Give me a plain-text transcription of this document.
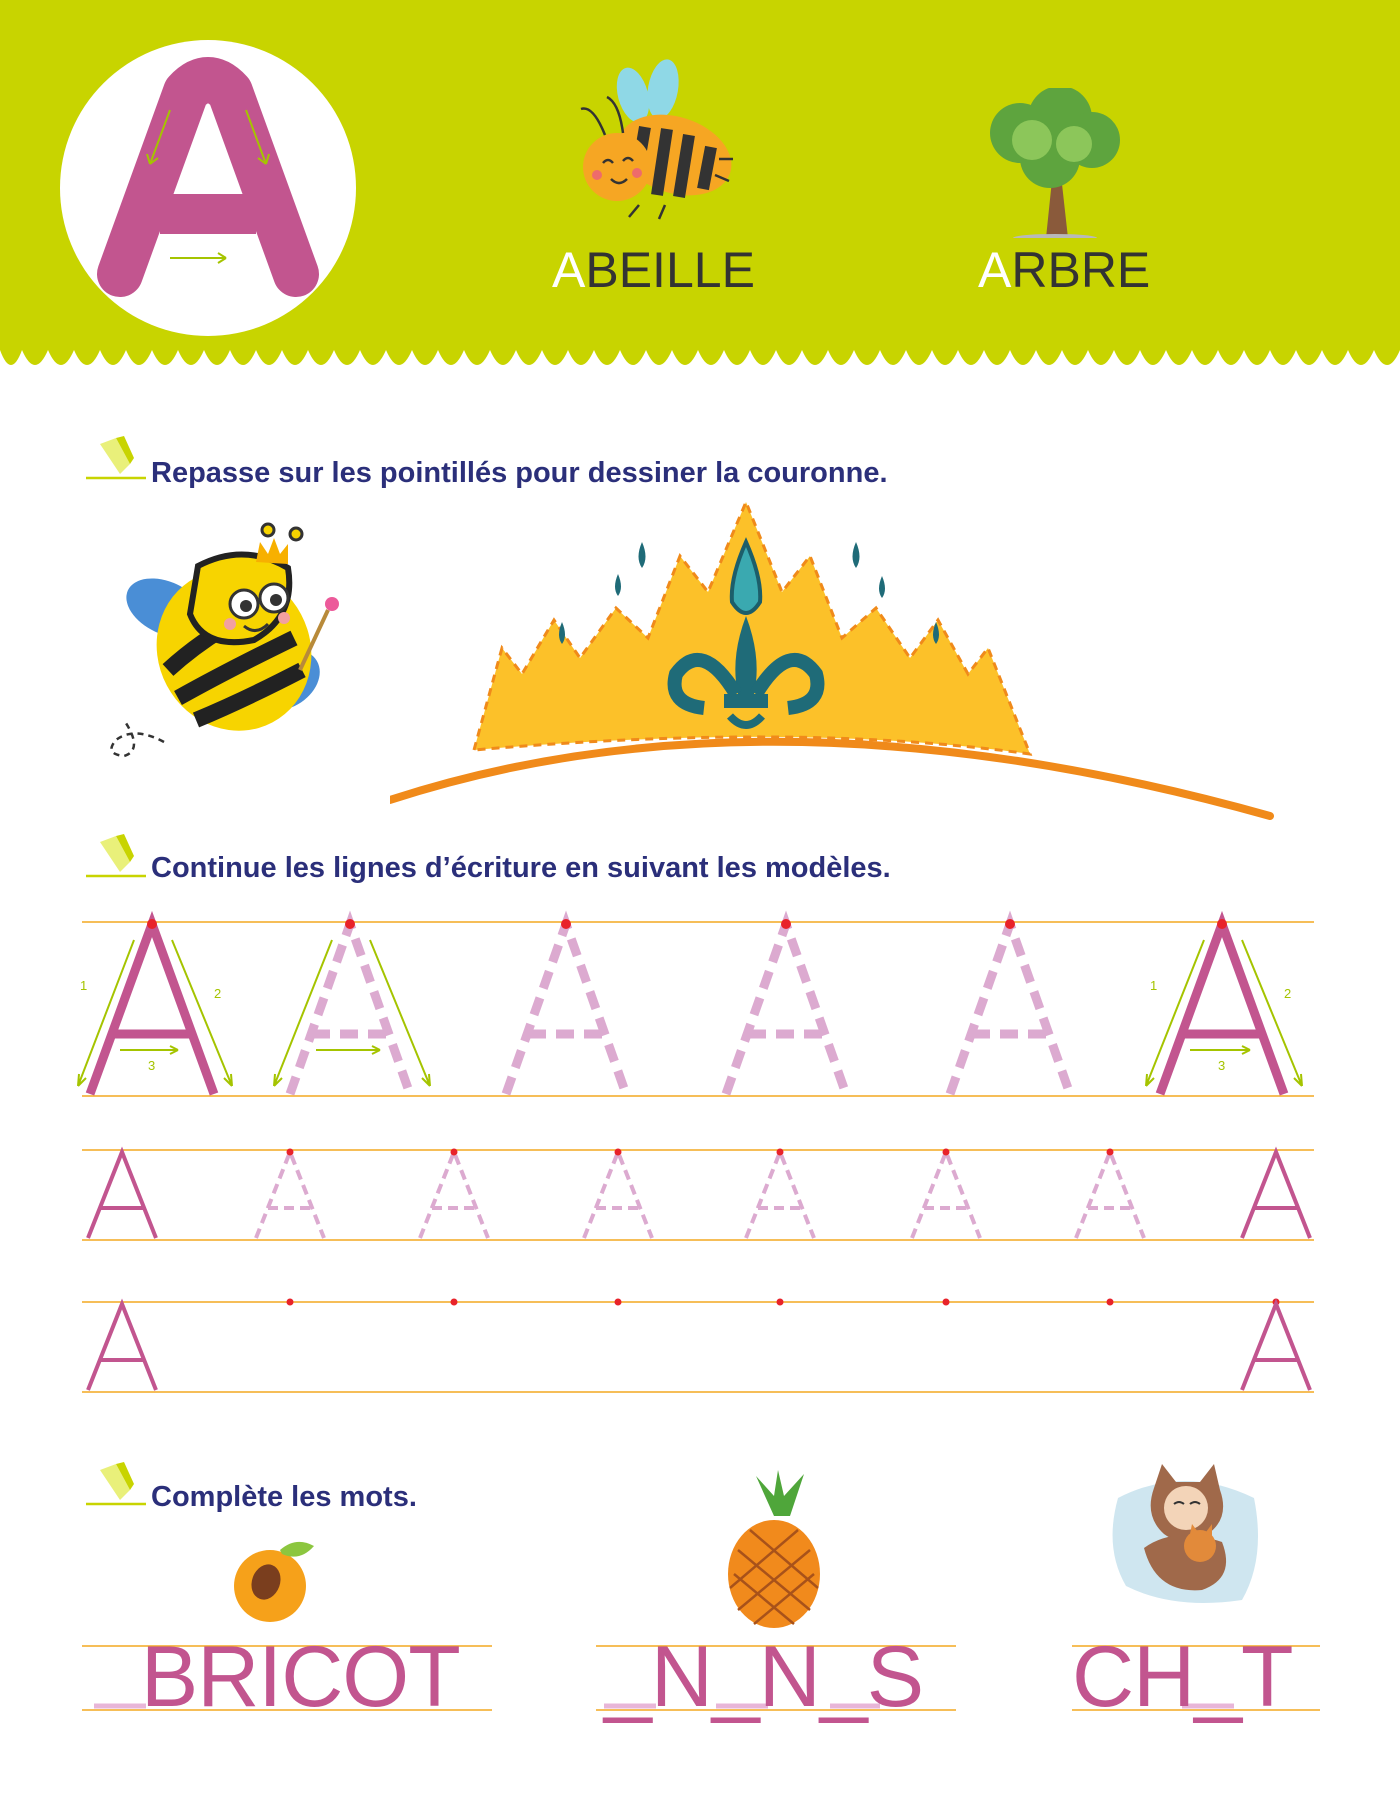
ABEILLE	ARBRE
Repasse sur les pointillés pour dessiner la couronne.
Continue les lignes d’écriture en suivant les modèles.
1
2
3
1
2
3
Complète les mots.
BRICOT	_N_N_S	CH_T
